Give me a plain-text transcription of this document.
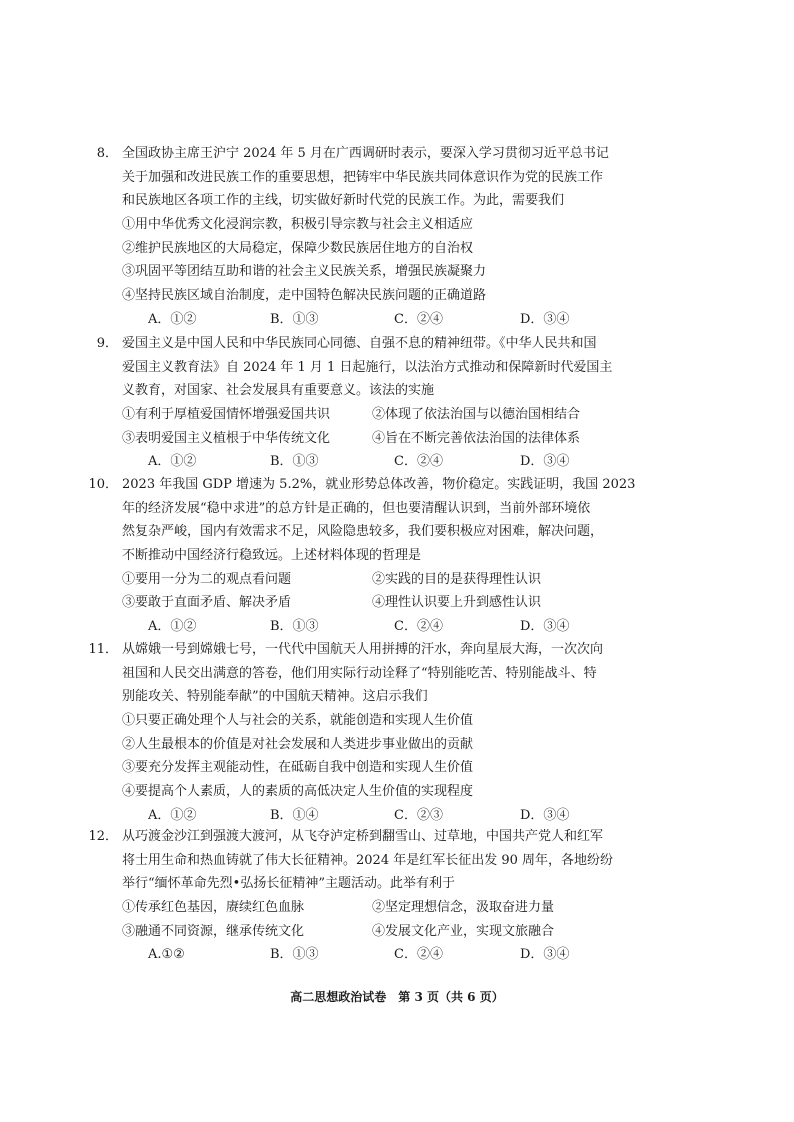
8． 全国政协主席王沪宁 2024 年 5 月在广西调研时表示，要深入学习贯彻习近平总书记
关于加强和改进民族工作的重要思想，把铸牢中华民族共同体意识作为党的民族工作
和民族地区各项工作的主线，切实做好新时代党的民族工作。为此，需要我们
①用中华优秀文化浸润宗教，积极引导宗教与社会主义相适应
②维护民族地区的大局稳定，保障少数民族居住地方的自治权
③巩固平等团结互助和谐的社会主义民族关系，增强民族凝聚力
④坚持民族区域自治制度，走中国特色解决民族问题的正确道路
A．①②	B．①③	C．②④	D．③④
9． 爱国主义是中国人民和中华民族同心同德、自强不息的精神纽带。《中华人民共和国
爱国主义教育法》自 2024 年 1 月 1 日起施行，以法治方式推动和保障新时代爱国主
义教育，对国家、社会发展具有重要意义。该法的实施
①有利于厚植爱国情怀增强爱国共识	②体现了依法治国与以德治国相结合
③表明爱国主义植根于中华传统文化	④旨在不断完善依法治国的法律体系
A．①②	B．①③	C．②④	D．③④
10． 2023 年我国 GDP 增速为 5.2%，就业形势总体改善，物价稳定。实践证明，我国 2023
年的经济发展“稳中求进”的总方针是正确的，但也要清醒认识到，当前外部环境依
然复杂严峻，国内有效需求不足，风险隐患较多，我们要积极应对困难，解决问题，
不断推动中国经济行稳致远。上述材料体现的哲理是
①要用一分为二的观点看问题	②实践的目的是获得理性认识
③要敢于直面矛盾、解决矛盾	④理性认识要上升到感性认识
A．①②	B．①③	C．②④	D．③④
11． 从嫦娥一号到嫦娥七号，一代代中国航天人用拼搏的汗水，奔向星辰大海，一次次向
祖国和人民交出满意的答卷，他们用实际行动诠释了“特别能吃苦、特别能战斗、特
别能攻关、特别能奉献”的中国航天精神。这启示我们
①只要正确处理个人与社会的关系，就能创造和实现人生价值
②人生最根本的价值是对社会发展和人类进步事业做出的贡献
③要充分发挥主观能动性，在砥砺自我中创造和实现人生价值
④要提高个人素质，人的素质的高低决定人生价值的实现程度
A．①②	B．①④	C．②③	D．③④
12． 从巧渡金沙江到强渡大渡河，从飞夺泸定桥到翻雪山、过草地，中国共产党人和红军
将士用生命和热血铸就了伟大长征精神。2024 年是红军长征出发 90 周年，各地纷纷
举行“缅怀革命先烈•弘扬长征精神”主题活动。此举有利于
①传承红色基因，赓续红色血脉	②坚定理想信念，汲取奋进力量
③融通不同资源，继承传统文化	④发展文化产业，实现文旅融合
A.①②	B．①③	C．②④	D．③④
高二思想政治试卷　第 3 页（共 6 页）
